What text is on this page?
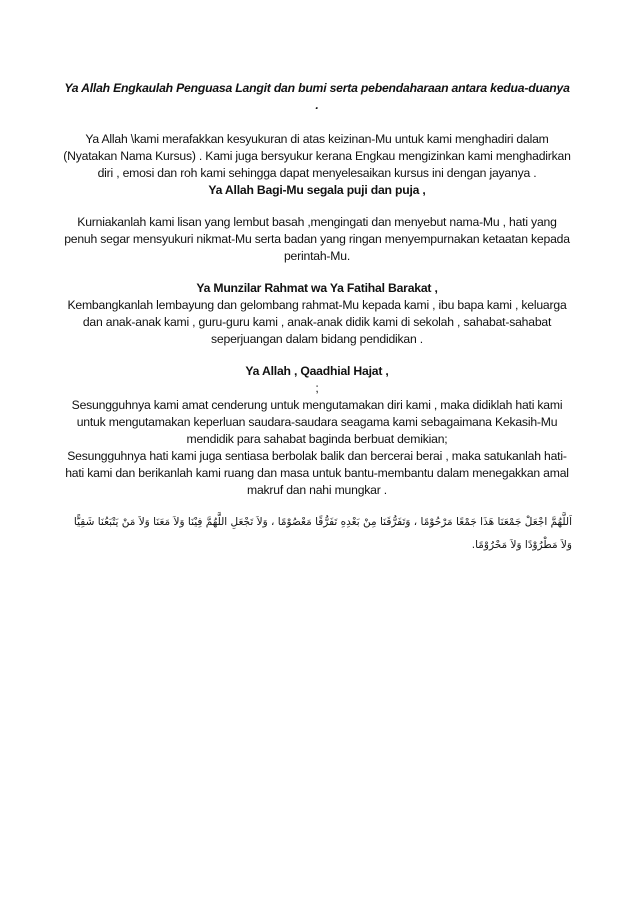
Ya Allah Engkaulah Penguasa Langit dan bumi serta pebendaharaan antara kedua-duanya .

Ya Allah \kami merafakkan kesyukuran di atas keizinan-Mu untuk kami menghadiri dalam (Nyatakan Nama Kursus) . Kami juga bersyukur kerana Engkau mengizinkan kami menghadirkan diri , emosi dan roh kami sehingga dapat menyelesaikan kursus ini dengan jayanya .

Ya Allah Bagi-Mu segala puji dan puja ,

Kurniakanlah kami lisan yang lembut basah ,mengingati dan menyebut nama-Mu , hati yang penuh segar mensyukuri nikmat-Mu serta badan yang ringan menyempurnakan ketaatan kepada perintah-Mu.

Ya Munzilar Rahmat wa Ya Fatihal Barakat ,

Kembangkanlah lembayung dan gelombang rahmat-Mu kepada kami , ibu bapa kami , keluarga dan anak-anak kami , guru-guru kami , anak-anak didik kami di sekolah , sahabat-sahabat seperjuangan dalam bidang pendidikan .

Ya Allah , Qaadhial Hajat ,

;

Sesungguhnya kami amat cenderung untuk mengutamakan diri kami , maka didiklah hati kami untuk mengutamakan keperluan saudara-saudara seagama kami sebagaimana Kekasih-Mu mendidik para sahabat baginda berbuat demikian;

Sesungguhnya hati kami juga sentiasa berbolak balik dan bercerai berai , maka satukanlah hati-hati kami dan berikanlah kami ruang dan masa untuk bantu-membantu dalam menegakkan amal makruf dan nahi mungkar .

اَللَّهُمَّ اجْعَلْ جَمْعَنَا هَذَا جَمْعًا مَرْحُوْمًا ، وَتَفَرُّقَنَا مِنْ بَعْدِهِ تَفَرُّقًا مَعْصُوْمًا ، وَلاَ تَجْعَلِ اللَّهُمَّ فِيْنَا وَلاَ مَعَنَا وَلاَ مَنْ يَتْبَعُنَا شَقِيًّا وَلاَ مَطْرُوْدًا وَلاَ مَحْرُوْمًا.
